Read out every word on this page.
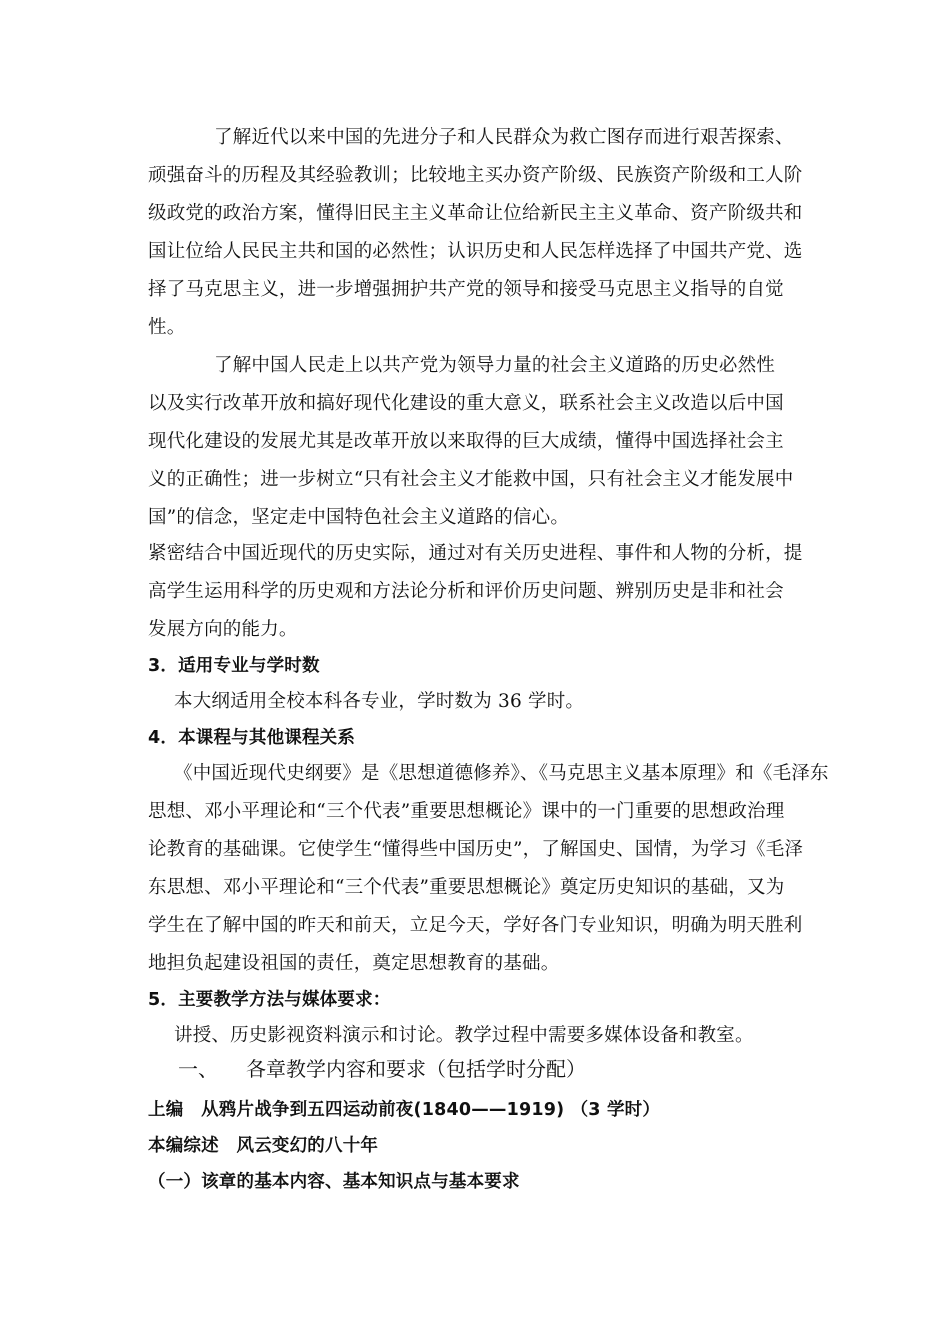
了解近代以来中国的先进分子和人民群众为救亡图存而进行艰苦探索、
顽强奋斗的历程及其经验教训；比较地主买办资产阶级、民族资产阶级和工人阶
级政党的政治方案，懂得旧民主主义革命让位给新民主主义革命、资产阶级共和
国让位给人民民主共和国的必然性；认识历史和人民怎样选择了中国共产党、选
择了马克思主义，进一步增强拥护共产党的领导和接受马克思主义指导的自觉
性。
了解中国人民走上以共产党为领导力量的社会主义道路的历史必然性
以及实行改革开放和搞好现代化建设的重大意义，联系社会主义改造以后中国
现代化建设的发展尤其是改革开放以来取得的巨大成绩，懂得中国选择社会主
义的正确性；进一步树立“只有社会主义才能救中国，只有社会主义才能发展中
国”的信念，坚定走中国特色社会主义道路的信心。
紧密结合中国近现代的历史实际，通过对有关历史进程、事件和人物的分析，提
高学生运用科学的历史观和方法论分析和评价历史问题、辨别历史是非和社会
发展方向的能力。
3．适用专业与学时数
本大纲适用全校本科各专业，学时数为 36 学时。
4．本课程与其他课程关系
《中国近现代史纲要》是《思想道德修养》、《马克思主义基本原理》和《毛泽东
思想、邓小平理论和“三个代表”重要思想概论》课中的一门重要的思想政治理
论教育的基础课。它使学生“懂得些中国历史”，了解国史、国情，为学习《毛泽
东思想、邓小平理论和“三个代表”重要思想概论》奠定历史知识的基础，又为
学生在了解中国的昨天和前天，立足今天，学好各门专业知识，明确为明天胜利
地担负起建设祖国的责任，奠定思想教育的基础。
5．主要教学方法与媒体要求：
讲授、历史影视资料演示和讨论。教学过程中需要多媒体设备和教室。
一、 各章教学内容和要求（包括学时分配）
上编　从鸦片战争到五四运动前夜(1840——1919) （3 学时）
本编综述　风云变幻的八十年
（一）该章的基本内容、基本知识点与基本要求
